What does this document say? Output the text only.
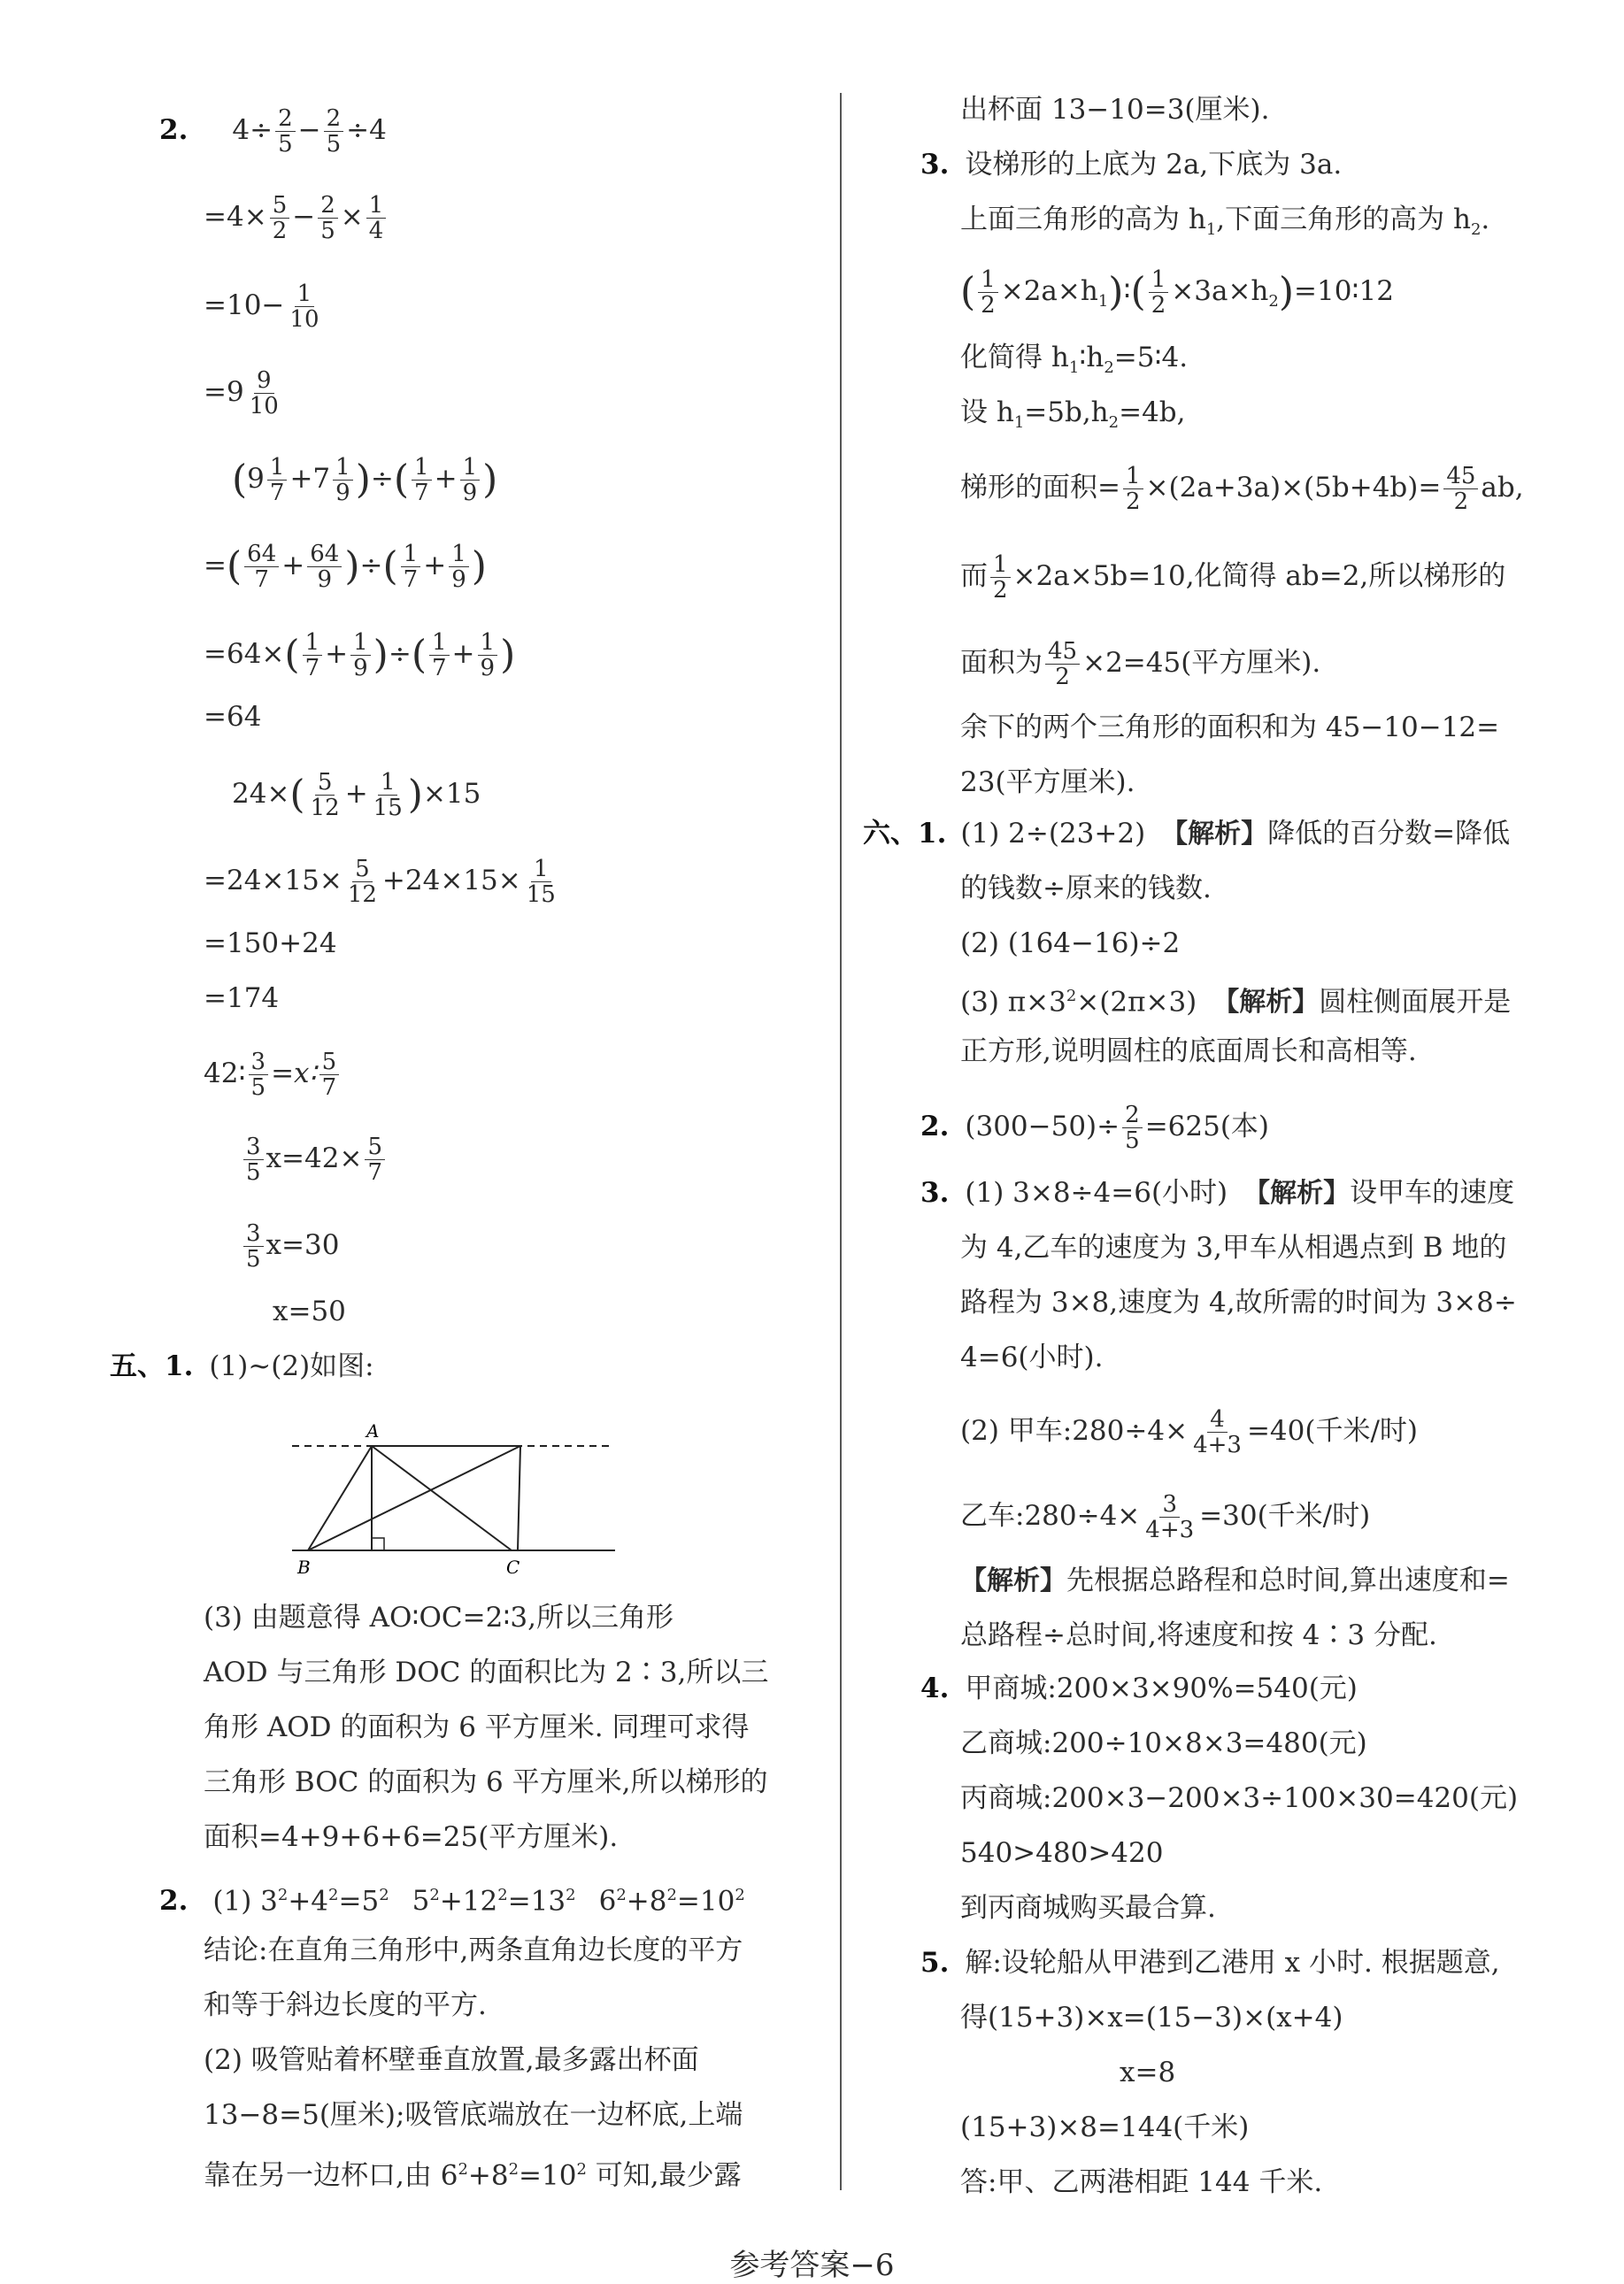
2. $4\div \frac{2}{5} - \frac{2}{5} \div 4$
$=4\times \frac{5}{2} - \frac{2}{5} \times \frac{1}{4}$
$=10- \frac{1}{10}$
$=9 \frac{9}{10}$
($9 \frac{1}{7} +7 \frac{1}{9}$ )÷( $\frac{1}{7} + \frac{1}{9}$ )
=( $\frac{64}{7} + \frac{64}{9}$ )÷( $\frac{1}{7} + \frac{1}{9}$ )
$=64\times( \frac{1}{7} + \frac{1}{9}$ )÷( $\frac{1}{7} + \frac{1}{9}$ )
=64
$24\times( \frac{5}{12} + \frac{1}{15} )\times 15$
$=24\times 15\times \frac{5}{12} +24\times 15\times \frac{1}{15}$
=150+24
=174
42∶ $\frac{3}{5}$ =x∶ $\frac{5}{7}$
$\frac{3}{5} x=42\times \frac{5}{7}$
$\frac{3}{5} x=30$
x=50
五、1. (1)~(2)如图:
A
B	C
(3) 由题意得 AO∶OC=2∶3,所以三角形
AOD 与三角形 DOC 的面积比为 2∶3,所以三
角形 AOD 的面积为 6 平方厘米. 同理可求得
三角形 BOC 的面积为 6 平方厘米,所以梯形的
面积=4+9+6+6=25(平方厘米).
2. (1) $3^2+4^2=5^2$ $5^2+12^2=13^2$ $6^2+8^2=10^2$
结论:在直角三角形中,两条直角边长度的平方
和等于斜边长度的平方.
(2) 吸管贴着杯壁垂直放置,最多露出杯面
13−8=5(厘米);吸管底端放在一边杯底,上端
靠在另一边杯口,由 $6^2+8^2=10^2$ 可知,最少露
出杯面 13−10=3(厘米).
3. 设梯形的上底为 2a,下底为 3a.
上面三角形的高为 $h_1$,下面三角形的高为 $h_2$.
( $\frac{1}{2}$ $\times 2a\times h_1)∶( \frac{1}{2}$ $\times 3a\times h_2)=10∶12$
化简得 $h_1∶h_2=5∶4$.
设 $h_1=5b,h_2=4b$,
梯形的面积= $\frac{1}{2} \times(2a+3a)\times(5b+4b)= \frac{45}{2}$ ab,
而 $\frac{1}{2} \times 2a\times 5b=10$,化简得 ab=2,所以梯形的
面积为 $\frac{45}{2} \times 2=45$(平方厘米).
余下的两个三角形的面积和为 45−10−12=
23(平方厘米).
六、1. (1) 2÷(23+2) 【解析】降低的百分数=降低
的钱数÷原来的钱数.
(2) (164−16)÷2
(3) $\pi\times 3^2\times(2\pi\times 3)$ 【解析】圆柱侧面展开是
正方形,说明圆柱的底面周长和高相等.
2. $(300-50)\div \frac{2}{5} =625$(本)
3. (1) 3×8÷4=6(小时) 【解析】设甲车的速度
为 4,乙车的速度为 3,甲车从相遇点到 B 地的
路程为 3×8,速度为 4,故所需的时间为 3×8÷
4=6(小时).
(2) 甲车:280÷4× $\frac{4}{4+3} =40$(千米/时)
乙车:280÷4× $\frac{3}{4+3} =30$(千米/时)
【解析】先根据总路程和总时间,算出速度和=
总路程÷总时间,将速度和按 4∶3 分配.
4. 甲商城:200×3×90%=540(元)
乙商城:200÷10×8×3=480(元)
丙商城:200×3−200×3÷100×30=420(元)
540>480>420
到丙商城购买最合算.
5. 解:设轮船从甲港到乙港用 x 小时. 根据题意,
得(15+3)×x=(15−3)×(x+4)
x=8
(15+3)×8=144(千米)
答:甲、乙两港相距 144 千米.
参考答案−6
